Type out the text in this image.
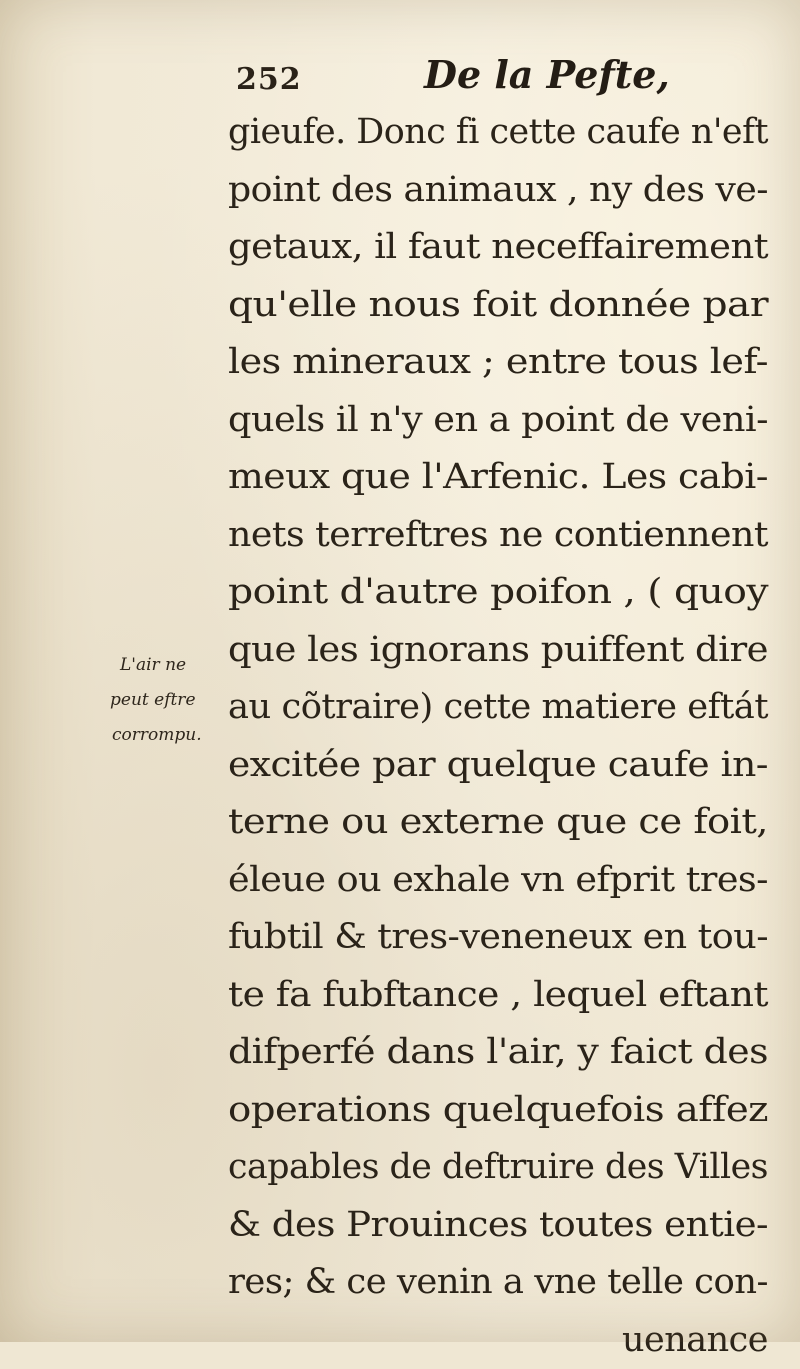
252	De la Pefte,
L'air ne
peut eftre
corrompu.
gieufe. Donc fi cette caufe n'eft
point des animaux , ny des ve-
getaux, il faut neceffairement
qu'elle nous foit donnée par
les mineraux ; entre tous lef-
quels il n'y en a point de veni-
meux que l'Arfenic. Les cabi-
nets terreftres ne contiennent
point d'autre poifon , ( quoy
que les ignorans puiffent dire
au cõtraire) cette matiere eftát
excitée par quelque caufe in-
terne ou externe que ce foit,
éleue ou exhale vn efprit tres-
fubtil & tres-veneneux en tou-
te fa fubftance , lequel eftant
difperfé dans l'air, y faict des
operations quelquefois affez
capables de deftruire des Villes
& des Prouinces toutes entie-
res; & ce venin a vne telle con-
uenance
